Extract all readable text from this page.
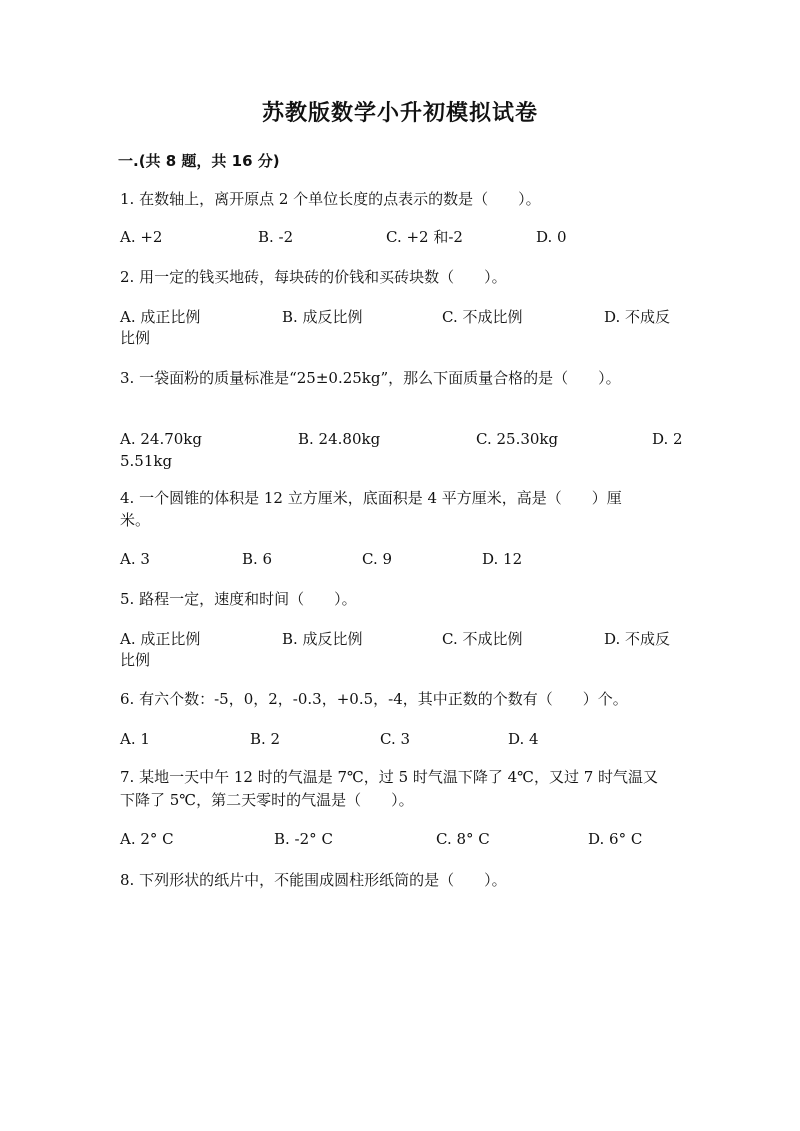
苏教版数学小升初模拟试卷
一.(共 8 题，共 16 分)
1. 在数轴上，离开原点 2 个单位长度的点表示的数是（　　）。
A. +2	B. -2	C. +2 和-2	D. 0
2. 用一定的钱买地砖，每块砖的价钱和买砖块数（　　）。
A. 成正比例	B. 成反比例	C. 不成比例	D. 不成反
比例
3. 一袋面粉的质量标准是“25±0.25kg”，那么下面质量合格的是（　　）。
A. 24.70kg	B. 24.80kg	C. 25.30kg	D. 2
5.51kg
4. 一个圆锥的体积是 12 立方厘米，底面积是 4 平方厘米，高是（　　）厘
米。
A. 3	B. 6	C. 9	D. 12
5. 路程一定，速度和时间（　　）。
A. 成正比例	B. 成反比例	C. 不成比例	D. 不成反
比例
6. 有六个数：-5，0，2，-0.3，+0.5，-4，其中正数的个数有（　　）个。
A. 1	B. 2	C. 3	D. 4
7. 某地一天中午 12 时的气温是 7℃，过 5 时气温下降了 4℃，又过 7 时气温又
下降了 5℃，第二天零时的气温是（　　）。
A. 2° C	B. -2° C	C. 8° C	D. 6° C
8. 下列形状的纸片中，不能围成圆柱形纸筒的是（　　）。
